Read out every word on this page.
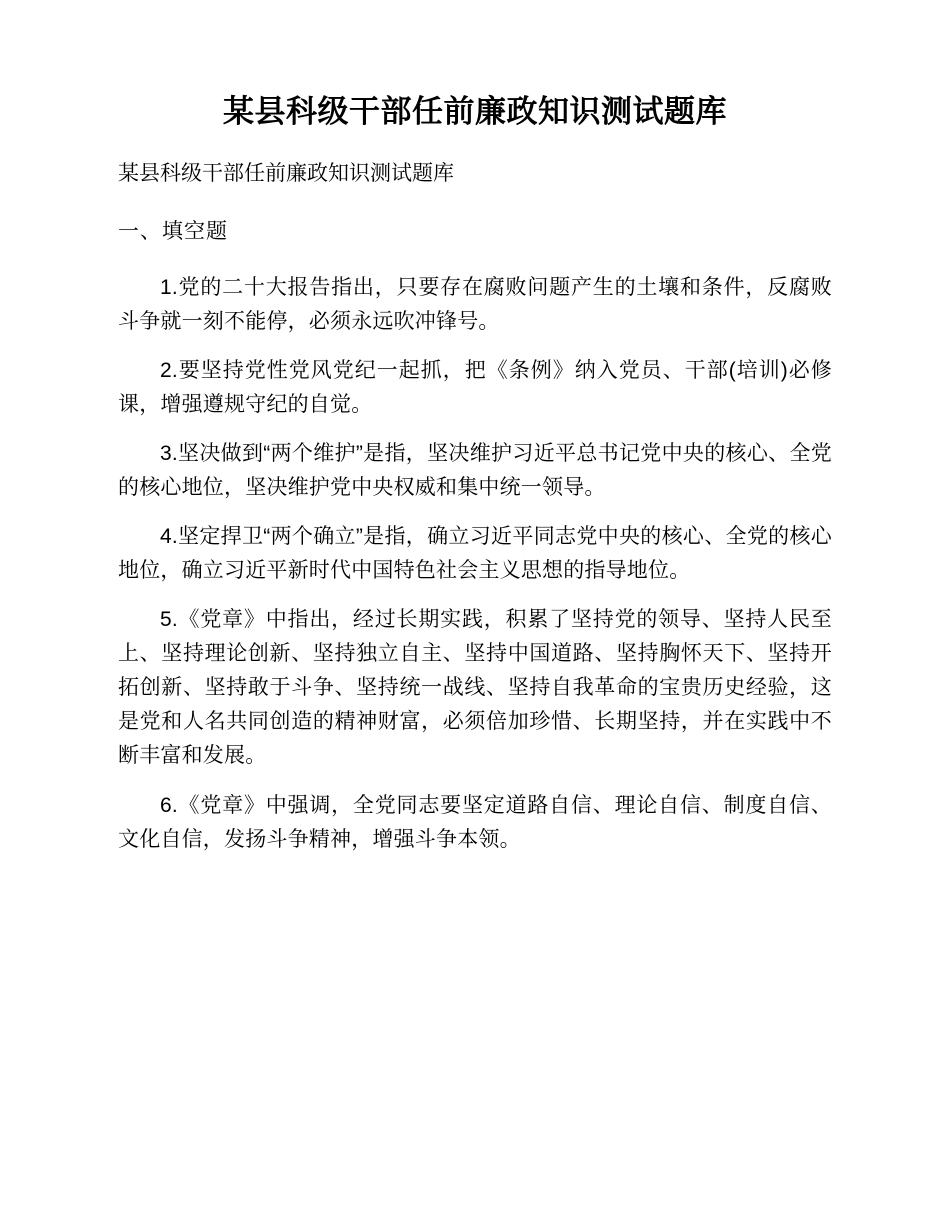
某县科级干部任前廉政知识测试题库

某县科级干部任前廉政知识测试题库

一、填空题

1.党的二十大报告指出，只要存在腐败问题产生的土壤和条件，反腐败斗争就一刻不能停，必须永远吹冲锋号。

2.要坚持党性党风党纪一起抓，把《条例》纳入党员、干部(培训)必修课，增强遵规守纪的自觉。

3.坚决做到“两个维护”是指，坚决维护习近平总书记党中央的核心、全党的核心地位，坚决维护党中央权威和集中统一领导。

4.坚定捍卫“两个确立”是指，确立习近平同志党中央的核心、全党的核心地位，确立习近平新时代中国特色社会主义思想的指导地位。

5.《党章》中指出，经过长期实践，积累了坚持党的领导、坚持人民至上、坚持理论创新、坚持独立自主、坚持中国道路、坚持胸怀天下、坚持开拓创新、坚持敢于斗争、坚持统一战线、坚持自我革命的宝贵历史经验，这是党和人名共同创造的精神财富，必须倍加珍惜、长期坚持，并在实践中不断丰富和发展。

6.《党章》中强调，全党同志要坚定道路自信、理论自信、制度自信、文化自信，发扬斗争精神，增强斗争本领。
